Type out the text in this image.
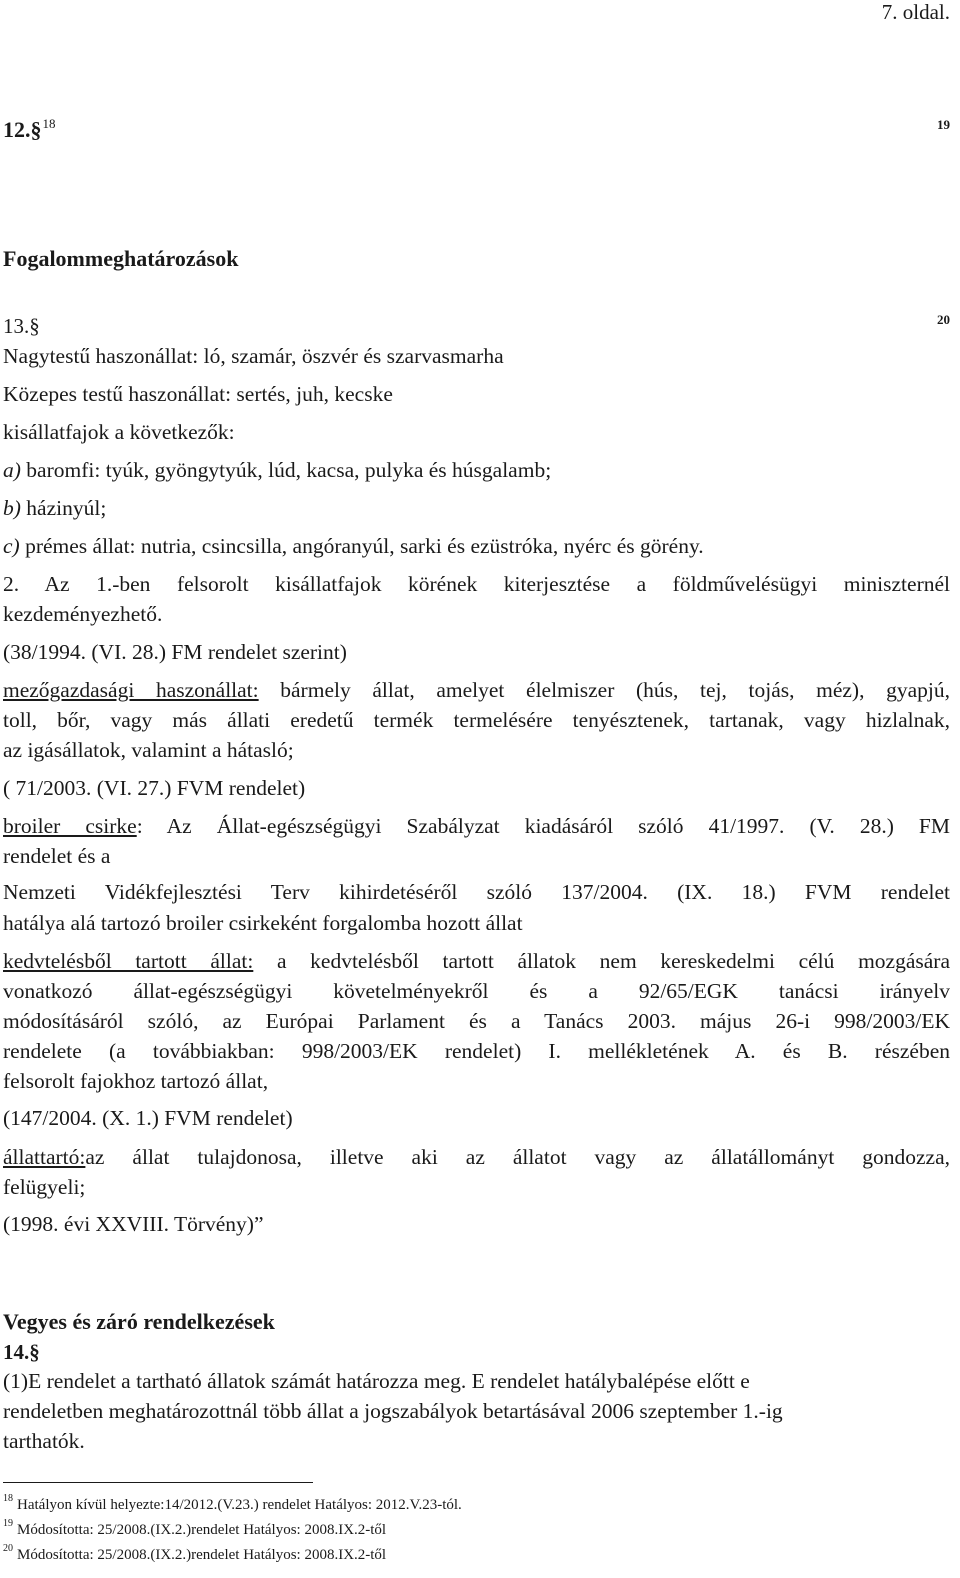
7. oldal.
12.§$^{18}$	19
Fogalommeghatározások
13.§	20
Nagytestű haszonállat: ló, szamár, öszvér és szarvasmarha
Közepes testű haszonállat: sertés, juh, kecske
kisállatfajok a következők:
a) baromfi: tyúk, gyöngytyúk, lúd, kacsa, pulyka és húsgalamb;
b) házinyúl;
c) prémes állat: nutria, csincsilla, angóranyúl, sarki és ezüstróka, nyérc és görény.
2. Az 1.-ben felsorolt kisállatfajok körének kiterjesztése a földművelésügyi miniszternél
kezdeményezhető.
(38/1994. (VI. 28.) FM rendelet szerint)
mezőgazdasági haszonállat: bármely állat, amelyet élelmiszer (hús, tej, tojás, méz), gyapjú,
toll, bőr, vagy más állati eredetű termék termelésére tenyésztenek, tartanak, vagy hizlalnak,
az igásállatok, valamint a hátasló;
( 71/2003. (VI. 27.) FVM rendelet)
broiler csirke: Az Állat-egészségügyi Szabályzat kiadásáról szóló 41/1997. (V. 28.) FM
rendelet és a
Nemzeti Vidékfejlesztési Terv kihirdetéséről szóló 137/2004. (IX. 18.) FVM rendelet
hatálya alá tartozó broiler csirkeként forgalomba hozott állat
kedvtelésből tartott állat: a kedvtelésből tartott állatok nem kereskedelmi célú mozgására
vonatkozó állat-egészségügyi követelményekről és a 92/65/EGK tanácsi irányelv
módosításáról szóló, az Európai Parlament és a Tanács 2003. május 26-i 998/2003/EK
rendelete (a továbbiakban: 998/2003/EK rendelet) I. mellékletének A. és B. részében
felsorolt fajokhoz tartozó állat,
(147/2004. (X. 1.) FVM rendelet)
állattartó:az állat tulajdonosa, illetve aki az állatot vagy az állatállományt gondozza,
felügyeli;
(1998. évi XXVIII. Törvény)”
Vegyes és záró rendelkezések
14.§
(1)E rendelet a tartható állatok számát határozza meg. E rendelet hatálybalépése előtt e
rendeletben meghatározottnál több állat a jogszabályok betartásával 2006 szeptember 1.-ig
tarthatók.
$^{18}$ Hatályon kívül helyezte:14/2012.(V.23.) rendelet Hatályos: 2012.V.23-tól.
$^{19}$ Módosította: 25/2008.(IX.2.)rendelet Hatályos: 2008.IX.2-től
$^{20}$ Módosította: 25/2008.(IX.2.)rendelet Hatályos: 2008.IX.2-től
